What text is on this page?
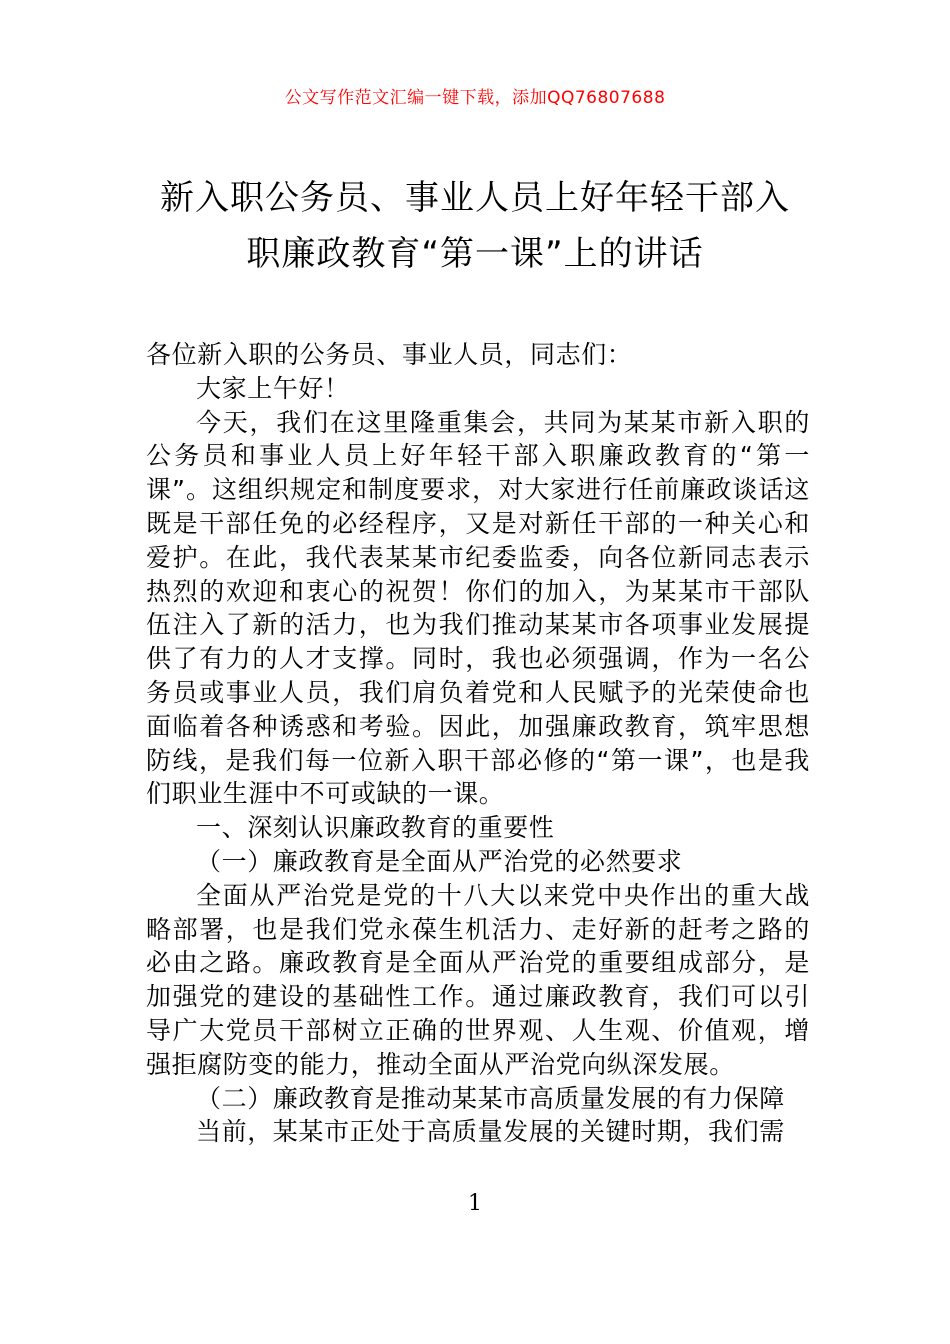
公文写作范文汇编一键下载，添加QQ76807688
新入职公务员、事业人员上好年轻干部入
职廉政教育“第一课”上的讲话

各位新入职的公务员、事业人员，同志们：

大家上午好！

今天，我们在这里隆重集会，共同为某某市新入职的公务员和事业人员上好年轻干部入职廉政教育的“第一课”。这组织规定和制度要求，对大家进行任前廉政谈话这既是干部任免的必经程序，又是对新任干部的一种关心和爱护。在此，我代表某某市纪委监委，向各位新同志表示热烈的欢迎和衷心的祝贺！你们的加入，为某某市干部队伍注入了新的活力，也为我们推动某某市各项事业发展提供了有力的人才支撑。同时，我也必须强调，作为一名公务员或事业人员，我们肩负着党和人民赋予的光荣使命也面临着各种诱惑和考验。因此，加强廉政教育，筑牢思想防线，是我们每一位新入职干部必修的“第一课”，也是我们职业生涯中不可或缺的一课。

一、深刻认识廉政教育的重要性

（一）廉政教育是全面从严治党的必然要求

全面从严治党是党的十八大以来党中央作出的重大战略部署，也是我们党永葆生机活力、走好新的赶考之路的必由之路。廉政教育是全面从严治党的重要组成部分，是加强党的建设的基础性工作。通过廉政教育，我们可以引导广大党员干部树立正确的世界观、人生观、价值观，增强拒腐防变的能力，推动全面从严治党向纵深发展。

（二）廉政教育是推动某某市高质量发展的有力保障

当前，某某市正处于高质量发展的关键时期，我们需

1
